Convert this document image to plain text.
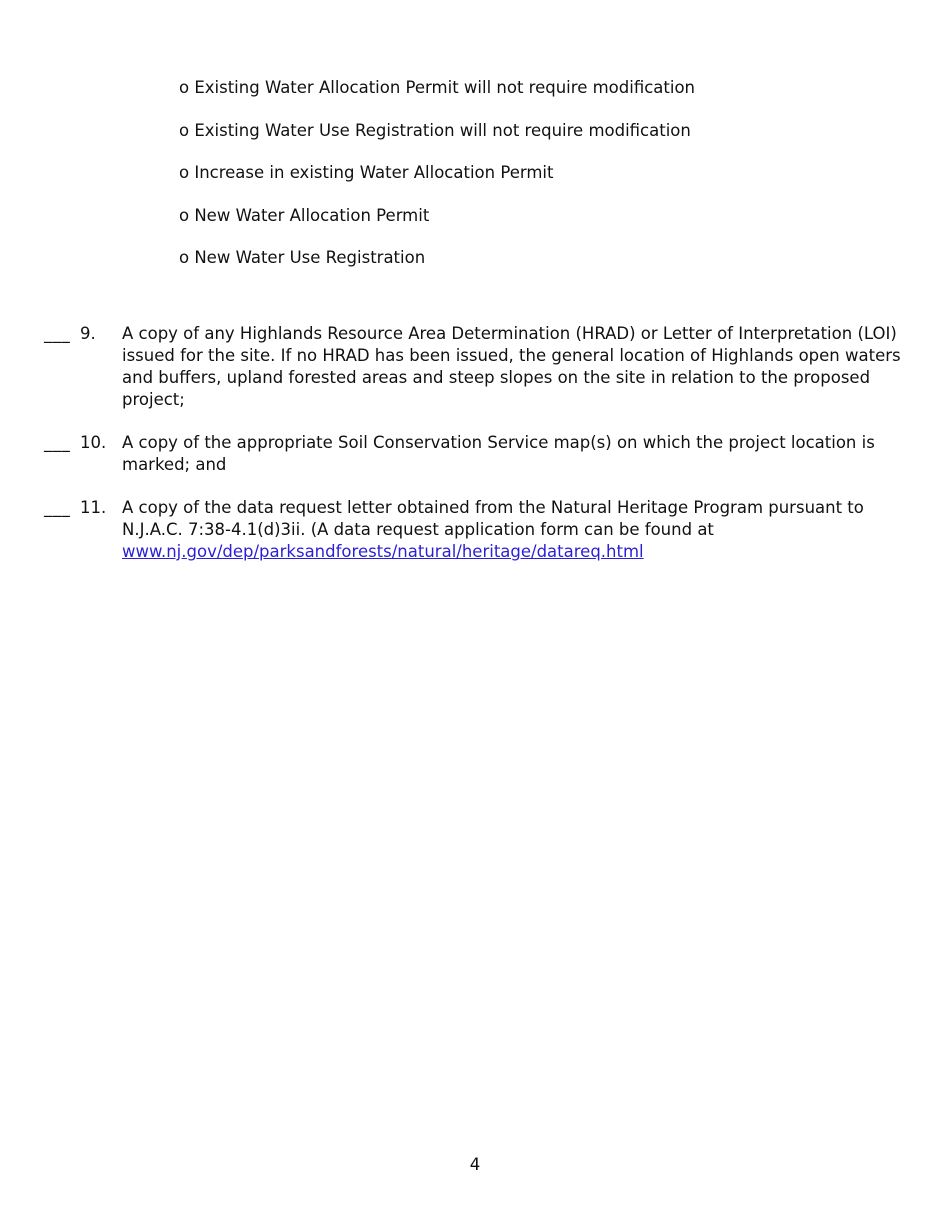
o Existing Water Allocation Permit will not require modification
o Existing Water Use Registration will not require modification
o Increase in existing Water Allocation Permit
o New Water Allocation Permit
o New Water Use Registration
___ 9.	A copy of any Highlands Resource Area Determination (HRAD) or Letter of Interpretation (LOI) issued for the site. If no HRAD has been issued, the general location of Highlands open waters and buffers, upland forested areas and steep slopes on the site in relation to the proposed project;
___ 10. A copy of the appropriate Soil Conservation Service map(s) on which the project location is marked; and
___ 11. A copy of the data request letter obtained from the Natural Heritage Program pursuant to N.J.A.C. 7:38-4.1(d)3ii. (A data request application form can be found at

www.nj.gov/dep/parksandforests/natural/heritage/datareq.html
4
